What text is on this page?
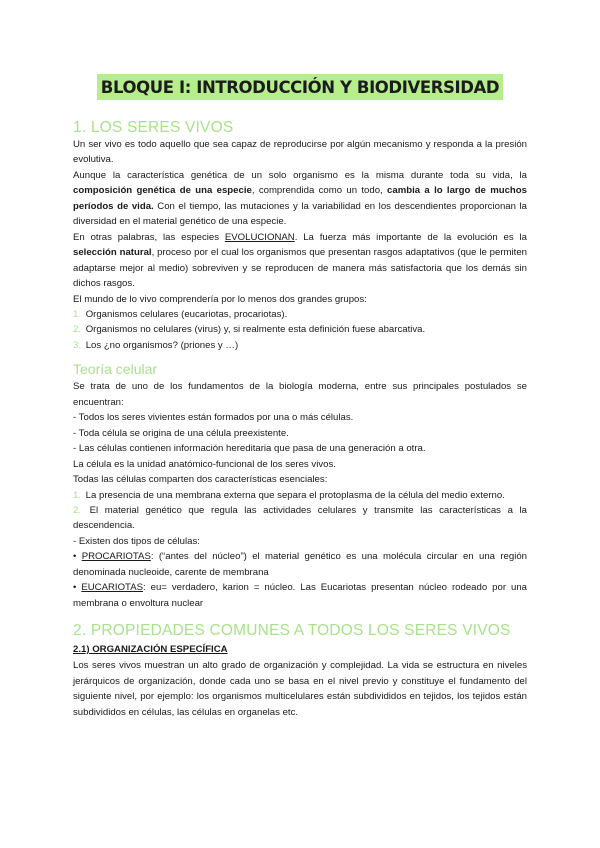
BLOQUE I: INTRODUCCIÓN Y BIODIVERSIDAD
1. LOS SERES VIVOS

Un ser vivo es todo aquello que sea capaz de reproducirse por algún mecanismo y responda a la presión evolutiva.

Aunque la característica genética de un solo organismo es la misma durante toda su vida, la composición genética de una especie, comprendida como un todo, cambia a lo largo de muchos períodos de vida. Con el tiempo, las mutaciones y la variabilidad en los descendientes proporcionan la diversidad en el material genético de una especie.

En otras palabras, las especies EVOLUCIONAN. La fuerza más importante de la evolución es la selección natural, proceso por el cual los organismos que presentan rasgos adaptativos (que le permiten adaptarse mejor al medio) sobreviven y se reproducen de manera más satisfactoria que los demás sin dichos rasgos.

El mundo de lo vivo comprendería por lo menos dos grandes grupos:

1. Organismos celulares (eucariotas, procariotas).

2. Organismos no celulares (virus) y, si realmente esta definición fuese abarcativa.

3. Los ¿no organismos? (priones y …)

Teoría celular

Se trata de uno de los fundamentos de la biología moderna, entre sus principales postulados se encuentran:

- Todos los seres vivientes están formados por una o más células.

- Toda célula se origina de una célula preexistente.

- Las células contienen información hereditaria que pasa de una generación a otra.

La célula es la unidad anatómico-funcional de los seres vivos.

Todas las células comparten dos características esenciales:

1. La presencia de una membrana externa que separa el protoplasma de la célula del medio externo.

2. El material genético que regula las actividades celulares y transmite las características a la descendencia.

- Existen dos tipos de células:

• PROCARIOTAS: (“antes del núcleo”) el material genético es una molécula circular en una región denominada nucleoide, carente de membrana

• EUCARIOTAS: eu= verdadero, karion = núcleo. Las Eucariotas presentan núcleo rodeado por una membrana o envoltura nuclear

2. PROPIEDADES COMUNES A TODOS LOS SERES VIVOS
2.1) ORGANIZACIÓN ESPECÍFICA

Los seres vivos muestran un alto grado de organización y complejidad. La vida se estructura en niveles jerárquicos de organización, donde cada uno se basa en el nivel previo y constituye el fundamento del siguiente nivel, por ejemplo: los organismos multicelulares están subdivididos en tejidos, los tejidos están subdivididos en células, las células en organelas etc.
